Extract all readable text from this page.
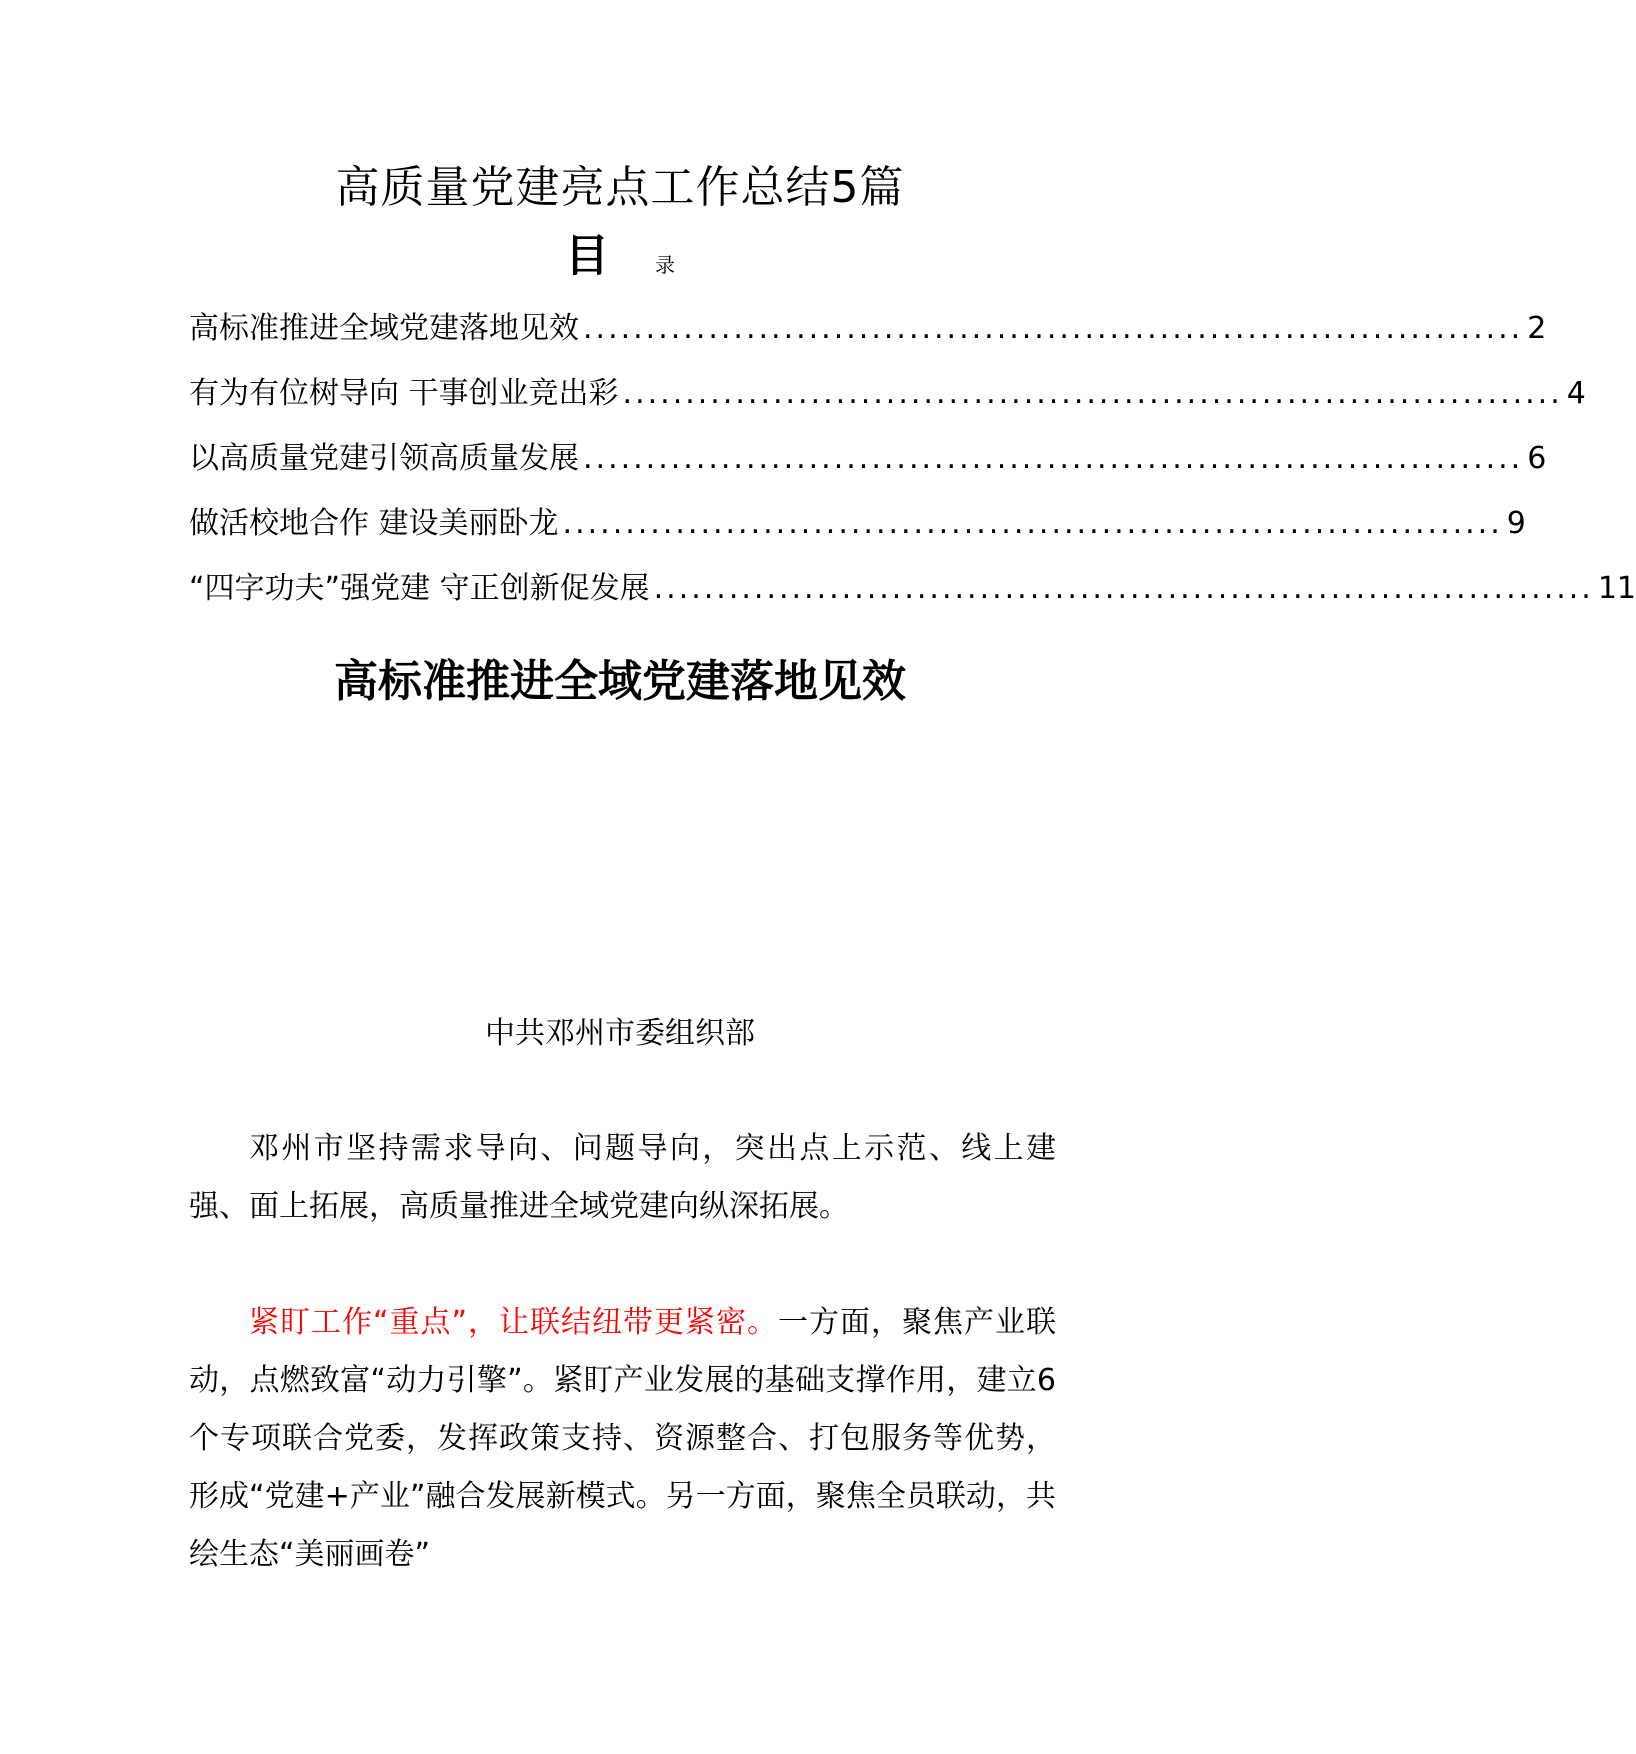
高质量党建亮点工作总结5篇
目 录
高标准推进全域党建落地见效 ........................................................................... 2
有为有位树导向 干事创业竞出彩 ........................................................................... 4
以高质量党建引领高质量发展 ........................................................................... 6
做活校地合作 建设美丽卧龙 ........................................................................... 9
“四字功夫”强党建 守正创新促发展 ........................................................................... 11
高标准推进全域党建落地见效
中共邓州市委组织部

邓州市坚持需求导向、问题导向，突出点上示范、线上建强、面上拓展，高质量推进全域党建向纵深拓展。

紧盯工作“重点”，让联结纽带更紧密。一方面，聚焦产业联动，点燃致富“动力引擎”。紧盯产业发展的基础支撑作用，建立6个专项联合党委，发挥政策支持、资源整合、打包服务等优势，形成“党建+产业”融合发展新模式。另一方面，聚焦全员联动，共绘生态“美丽画卷”
